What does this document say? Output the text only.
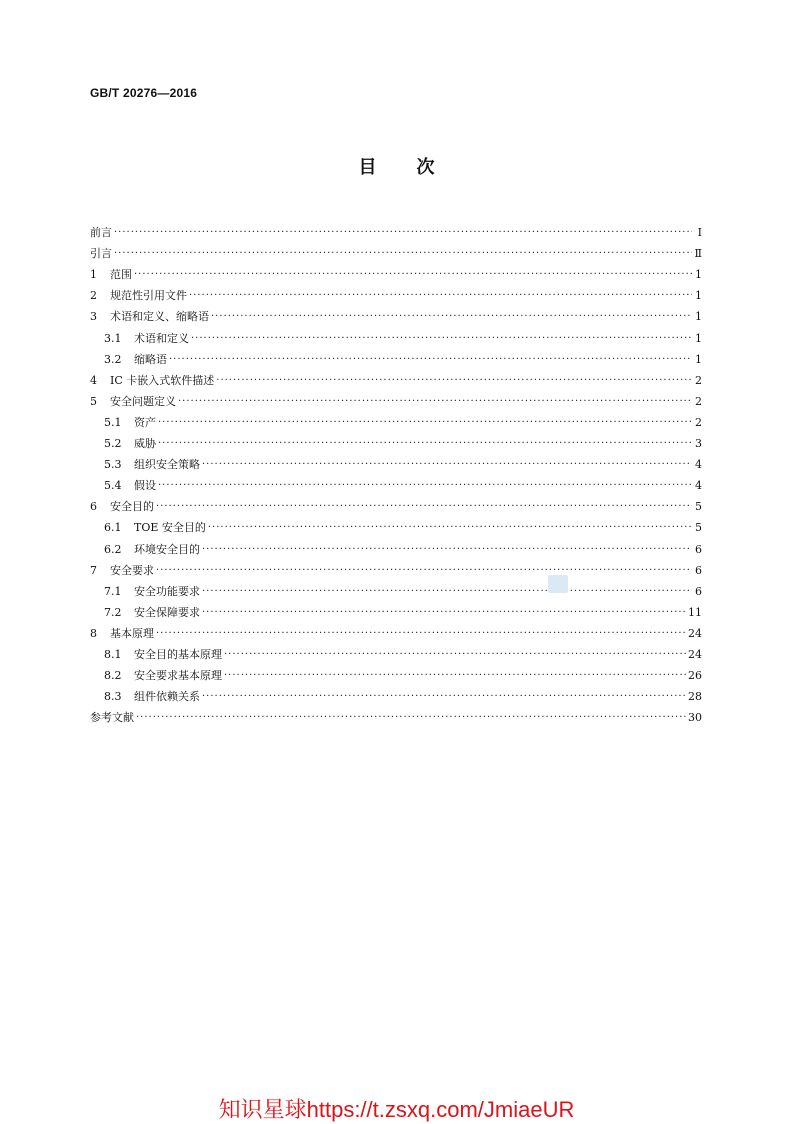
GB/T 20276—2016
目次
前言 ·····	Ⅰ
引言 ·····	Ⅱ
1	范围 ·····	1
2	规范性引用文件 ·····	1
3	术语和定义、缩略语 ·····	1
3.1	术语和定义 ·····	1
3.2	缩略语 ·····	1
4	IC 卡嵌入式软件描述 ·····	2
5	安全问题定义 ·····	2
5.1	资产 ·····	2
5.2	威胁 ·····	3
5.3	组织安全策略 ·····	4
5.4	假设 ·····	4
6	安全目的 ·····	5
6.1	TOE 安全目的 ·····	5
6.2	环境安全目的 ·····	6
7	安全要求 ·····	6
7.1	安全功能要求 ·····	6
7.2	安全保障要求 ·····	11
8	基本原理 ·····	24
8.1	安全目的基本原理 ·····	24
8.2	安全要求基本原理 ·····	26
8.3	组件依赖关系 ·····	28
参考文献 ·····	30
知识星球https://t.zsxq.com/JmiaeUR
